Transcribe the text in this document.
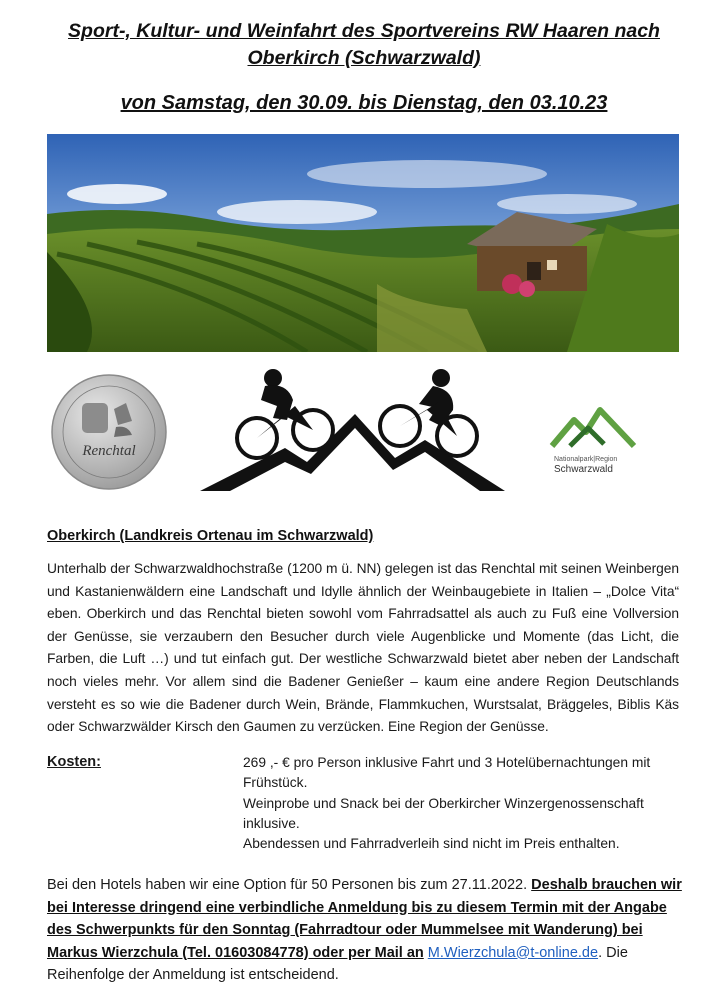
Sport-, Kultur- und Weinfahrt des Sportvereins RW Haaren nach
Oberkirch (Schwarzwald)
von Samstag, den 30.09. bis Dienstag, den 03.10.23
Renchtal
Nationalpark|Region
Schwarzwald
Oberkirch (Landkreis Ortenau im Schwarzwald)
Unterhalb der Schwarzwaldhochstraße (1200 m ü. NN) gelegen ist das Renchtal mit seinen Weinbergen und Kastanienwäldern eine Landschaft und Idylle ähnlich der Weinbaugebiete in Italien – „Dolce Vita“ eben. Oberkirch und das Renchtal bieten sowohl vom Fahrradsattel als auch zu Fuß eine Vollversion der Genüsse, sie verzaubern den Besucher durch viele Augenblicke und Momente (das Licht, die Farben, die Luft …) und tut einfach gut. Der westliche Schwarzwald bietet aber neben der Landschaft noch vieles mehr. Vor allem sind die Badener Genießer – kaum eine andere Region Deutschlands versteht es so wie die Badener durch Wein, Brände, Flammkuchen, Wurstsalat, Bräggeles, Biblis Käs oder Schwarzwälder Kirsch den Gaumen zu verzücken. Eine Region der Genüsse.
Kosten:	269 ,- € pro Person inklusive Fahrt und 3 Hotelübernachtungen mit Frühstück.
Weinprobe und Snack bei der Oberkircher Winzergenossenschaft inklusive.
Abendessen und Fahrradverleih sind nicht im Preis enthalten.
Bei den Hotels haben wir eine Option für 50 Personen bis zum 27.11.2022. Deshalb brauchen wir bei Interesse dringend eine verbindliche Anmeldung bis zu diesem Termin mit der Angabe des Schwerpunkts für den Sonntag (Fahrradtour oder Mummelsee mit Wanderung) bei Markus Wierzchula (Tel. 01603084778) oder per Mail an M.Wierzchula@t-online.de. Die Reihenfolge der Anmeldung ist entscheidend.
